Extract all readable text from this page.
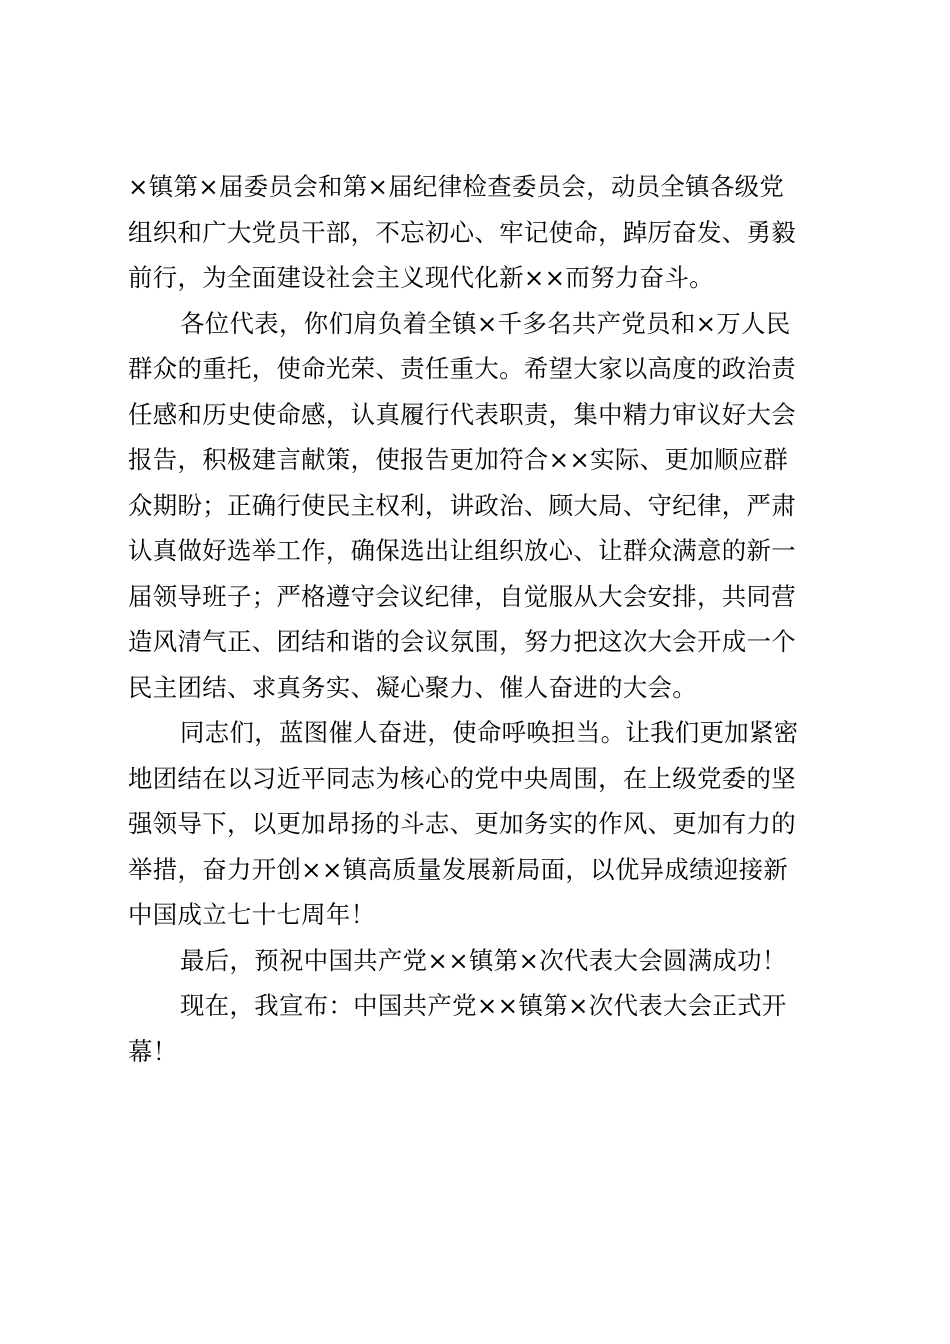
×镇第×届委员会和第×届纪律检查委员会，动员全镇各级党
组织和广大党员干部，不忘初心、牢记使命，踔厉奋发、勇毅
前行，为全面建设社会主义现代化新××而努力奋斗。
各位代表，你们肩负着全镇×千多名共产党员和×万人民
群众的重托，使命光荣、责任重大。希望大家以高度的政治责
任感和历史使命感，认真履行代表职责，集中精力审议好大会
报告，积极建言献策，使报告更加符合××实际、更加顺应群
众期盼；正确行使民主权利，讲政治、顾大局、守纪律，严肃
认真做好选举工作，确保选出让组织放心、让群众满意的新一
届领导班子；严格遵守会议纪律，自觉服从大会安排，共同营
造风清气正、团结和谐的会议氛围，努力把这次大会开成一个
民主团结、求真务实、凝心聚力、催人奋进的大会。
同志们，蓝图催人奋进，使命呼唤担当。让我们更加紧密
地团结在以习近平同志为核心的党中央周围，在上级党委的坚
强领导下，以更加昂扬的斗志、更加务实的作风、更加有力的
举措，奋力开创××镇高质量发展新局面，以优异成绩迎接新
中国成立七十七周年！
最后，预祝中国共产党××镇第×次代表大会圆满成功！
现在，我宣布：中国共产党××镇第×次代表大会正式开
幕！
